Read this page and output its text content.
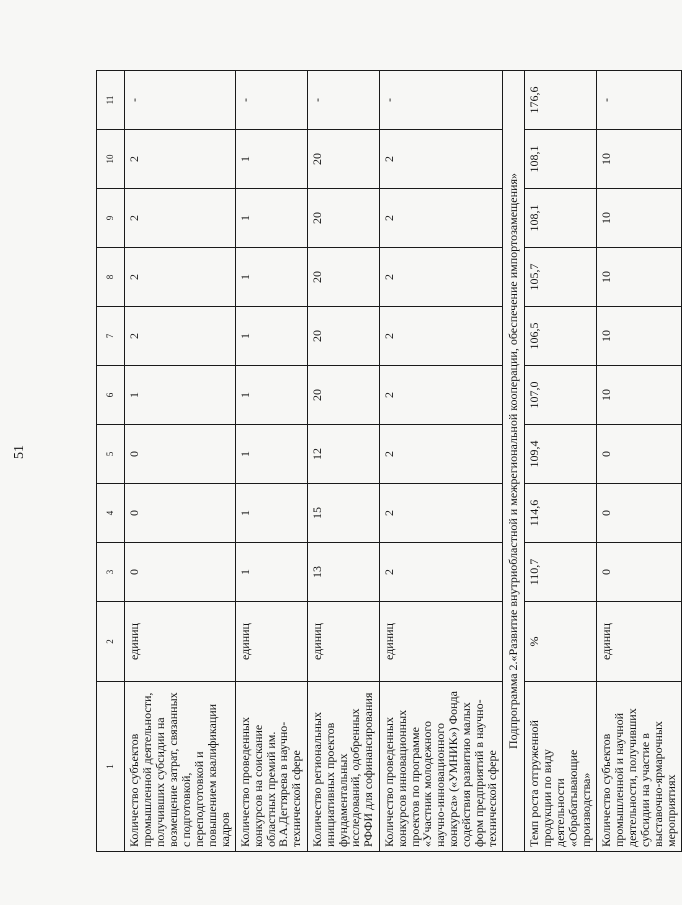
51
1	2	3	4	5	6	7	8	9	10	11
Количество субъектов промышленной деятельности, получивших субсидии на возмещение затрат, связанных с подготовкой, переподготовкой и повышением квалификации кадров	единиц	0	0	0	1	2	2	2	2	-
Количество проведенных конкурсов на соискание областных премий им. В.А.Дегтярева в научно-технической сфере	единиц	1	1	1	1	1	1	1	1	-
Количество региональных инициативных проектов фундаментальных исследований, одобренных РФФИ для софинансирования	единиц	13	15	12	20	20	20	20	20	-
Количество проведенных конкурсов инновационных проектов по программе «Участник молодежного научно-инновационного конкурса» («УМНИК») Фонда содействия развитию малых форм предприятий в научно-технической сфере	единиц	2	2	2	2	2	2	2	2	-
Подпрограмма 2.«Развитие внутриобластной и межрегиональной кооперации, обеспечение импортозамещения»										
Темп роста отгруженной продукции по виду деятельности «Обрабатывающие производства»	%	110,7	114,6	109,4	107,0	106,5	105,7	108,1	108,1	176,6
Количество субъектов промышленной и научной деятельности, получивших субсидии на участие в выставочно-ярмарочных мероприятиях	единиц	0	0	0	10	10	10	10	10	-
